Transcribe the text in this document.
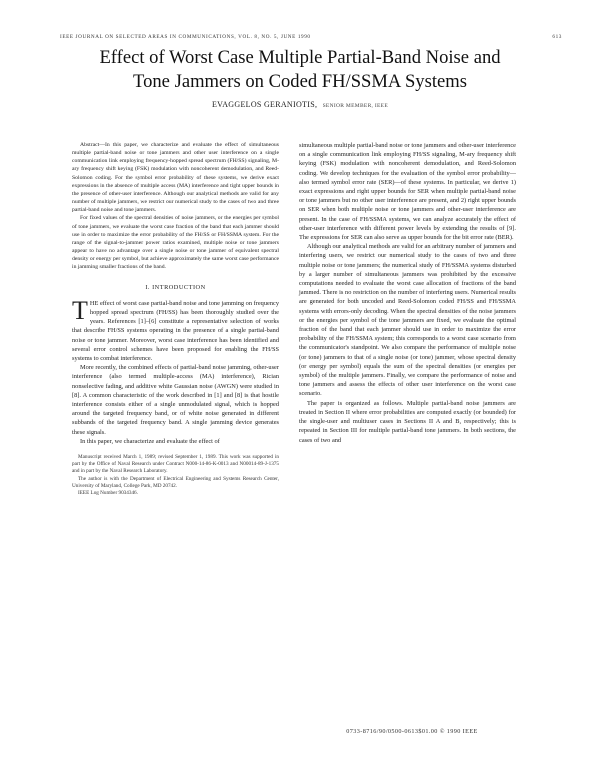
IEEE JOURNAL ON SELECTED AREAS IN COMMUNICATIONS, VOL. 8, NO. 5, JUNE 1990	613
Effect of Worst Case Multiple Partial-Band Noise and
Tone Jammers on Coded FH/SSMA Systems
EVAGGELOS GERANIOTIS, SENIOR MEMBER, IEEE

Abstract—In this paper, we characterize and evaluate the effect of simultaneous multiple partial-band noise or tone jammers and other user interference on a single communication link employing frequency-hopped spread spectrum (FH/SS) signaling, M-ary frequency shift keying (FSK) modulation with noncoherent demodulation, and Reed-Solomon coding. For the symbol error probability of these systems, we derive exact expressions in the absence of multiple access (MA) interference and tight upper bounds in the presence of other-user interference. Although our analytical methods are valid for any number of multiple jammers, we restrict our numerical study to the cases of two and three partial-band noise and tone jammers.

For fixed values of the spectral densities of noise jammers, or the energies per symbol of tone jammers, we evaluate the worst case fraction of the band that each jammer should use in order to maximize the error probability of the FH/SS or FH/SSMA system. For the range of the signal-to-jammer power ratios examined, multiple noise or tone jammers appear to have no advantage over a single noise or tone jammer of equivalent spectral density or energy per symbol, but achieve approximately the same worst case performance in jamming smaller fractions of the band.

I. INTRODUCTION

THE effect of worst case partial-band noise and tone jamming on frequency hopped spread spectrum (FH/SS) has been thoroughly studied over the years. References [1]–[6] constitute a representative selection of works that describe FH/SS systems operating in the presence of a single partial-band noise or tone jammer. Moreover, worst case interference has been identified and several error control schemes have been proposed for enabling the FH/SS systems to combat interference.

More recently, the combined effects of partial-band noise jamming, other-user interference (also termed multiple-access (MA) interference), Rician nonselective fading, and additive white Gaussian noise (AWGN) were studied in [8]. A common characteristic of the work described in [1] and [8] is that hostile interference consists either of a single unmodulated signal, which is hopped around the targeted frequency band, or of white noise generated in different subbands of the targeted frequency band. A single jamming device generates these signals.

In this paper, we characterize and evaluate the effect of

Manuscript received March 1, 1989; revised September 1, 1989. This work was supported in part by the Office of Naval Research under Contract N000-14-86-K-0013 and N00014-89-J-1375 and in part by the Naval Research Laboratory.

The author is with the Department of Electrical Engineering and Systems Research Center, University of Maryland, College Park, MD 20742.

IEEE Log Number 9034346.

simultaneous multiple partial-band noise or tone jammers and other-user interference on a single communication link employing FH/SS signaling, M-ary frequency shift keying (FSK) modulation with noncoherent demodulation, and Reed-Solomon coding. We develop techniques for the evaluation of the symbol error probability—also termed symbol error rate (SER)—of these systems. In particular, we derive 1) exact expressions and right upper bounds for SER when multiple partial-band noise or tone jammers but no other user interference are present, and 2) right upper bounds on SER when both multiple noise or tone jammers and other-user interference are present. In the case of FH/SSMA systems, we can analyze accurately the effect of other-user interference with different power levels by extending the results of [9]. The expressions for SER can also serve as upper bounds for the bit error rate (BER).

Although our analytical methods are valid for an arbitrary number of jammers and interfering users, we restrict our numerical study to the cases of two and three multiple noise or tone jammers; the numerical study of FH/SSMA systems disturbed by a larger number of simultaneous jammers was prohibited by the excessive computations needed to evaluate the worst case allocation of fractions of the band jammed. There is no restriction on the number of interfering users. Numerical results are generated for both uncoded and Reed-Solomon coded FH/SS and FH/SSMA systems with errors-only decoding. When the spectral densities of the noise jammers or the energies per symbol of the tone jammers are fixed, we evaluate the optimal fraction of the band that each jammer should use in order to maximize the error probability of the FH/SSMA system; this corresponds to a worst case scenario from the communicator's standpoint. We also compare the performance of multiple noise (or tone) jammers to that of a single noise (or tone) jammer, whose spectral density (or energy per symbol) equals the sum of the spectral densities (or energies per symbol) of the multiple jammers. Finally, we compare the performance of noise and tone jammers and assess the effects of other user interference on the worst case scenario.

The paper is organized as follows. Multiple partial-band noise jammers are treated in Section II where error probabilities are computed exactly (or bounded) for the single-user and multiuser cases in Sections II A and B, respectively; this is repeated in Section III for multiple partial-band tone jammers. In both sections, the cases of two and

0733-8716/90/0500-0613$01.00 © 1990 IEEE
